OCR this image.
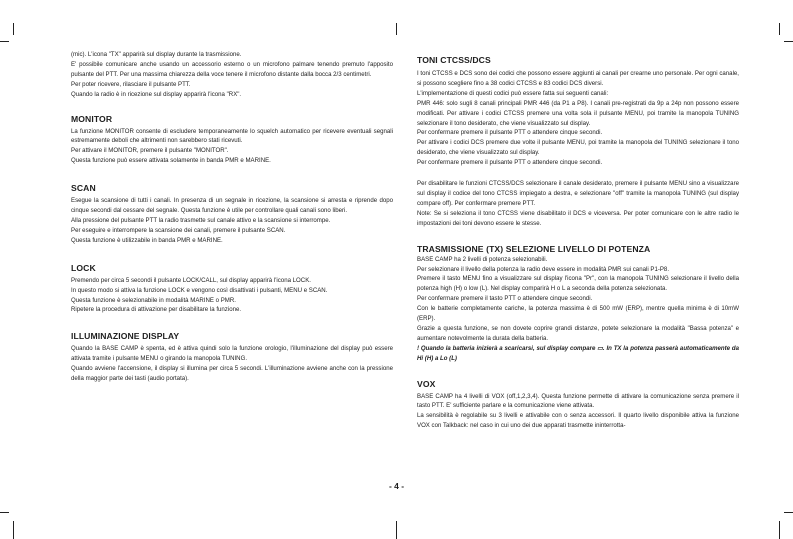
(mic). L'icona "TX" apparirà sul display durante la trasmissione.

E' possibile comunicare anche usando un accessorio esterno o un microfono palmare tenendo premuto l'apposito pulsante del PTT. Per una massima chiarezza della voce tenere il microfono distante dalla bocca 2/3 centimetri.

Per poter ricevere, rilasciare il pulsante PTT.

Quando la radio è in ricezione sul display apparirà l'icona "RX".

MONITOR

La funzione MONITOR consente di escludere temporaneamente lo squelch automatico per ricevere eventuali segnali estremamente deboli che altrimenti non sarebbero stati ricevuti.

Per attivare il MONITOR, premere il pulsante "MONITOR".

Questa funzione può essere attivata solamente in banda PMR e MARINE.

SCAN

Esegue la scansione di tutti i canali. In presenza di un segnale in ricezione, la scansione si arresta e riprende dopo cinque secondi dal cessare del segnale. Questa funzione è utile per controllare quali canali sono liberi.

Alla pressione del pulsante PTT la radio trasmette sul canale attivo e la scansione si interrompe.

Per eseguire e interrompere la scansione dei canali, premere il pulsante SCAN.

Questa funzione è utilizzabile in banda PMR e MARINE.

LOCK

Premendo per circa 5 secondi il pulsante LOCK/CALL, sul display apparirà l'icona LOCK.

In questo modo si attiva la funzione LOCK e vengono così disattivati i pulsanti, MENU e SCAN.

Questa funzione è selezionabile in modalità MARINE o PMR.

Ripetere la procedura di attivazione per disabilitare la funzione.

ILLUMINAZIONE DISPLAY

Quando la BASE CAMP è spenta, ed è attiva quindi solo la funzione orologio, l'illuminazione del display può essere attivata tramite i pulsante MENU o girando la manopola TUNING.

Quando avviene l'accensione, il display si illumina per circa 5 secondi. L'illuminazione avviene anche con la pressione della maggior parte dei tasti (audio portata).

TONI CTCSS/DCS

I toni CTCSS e DCS sono dei codici che possono essere aggiunti ai canali per crearne uno personale. Per ogni canale, si possono scegliere fino a 38 codici CTCSS e 83 codici DCS diversi.

L'implementazione di questi codici può essere fatta sui seguenti canali:

PMR 446: solo sugli 8 canali principali PMR 446 (da P1 a P8). I canali pre-registrati da 9p a 24p non possono essere modificati. Per attivare i codici CTCSS premere una volta sola il pulsante MENU, poi tramite la manopola TUNING selezionare il tono desiderato, che viene visualizzato sul display.

Per confermare premere il pulsante PTT o attendere cinque secondi.

Per attivare i codici DCS premere due volte il pulsante MENU, poi tramite la manopola del TUNING selezionare il tono desiderato, che viene visualizzato sul display.

Per confermare premere il pulsante PTT o attendere cinque secondi.

Per disabilitare le funzioni CTCSS/DCS selezionare il canale desiderato, premere il pulsante MENU sino a visualizzare sul display il codice del tono CTCSS impiegato a destra, e selezionare "off" tramite la manopola TUNING (sul display compare off). Per confermare premere PTT.

Note: Se si seleziona il tono CTCSS viene disabilitato il DCS e viceversa. Per poter comunicare con le altre radio le impostazioni dei toni devono essere le stesse.

TRASMISSIONE (TX) SELEZIONE LIVELLO DI POTENZA

BASE CAMP ha 2 livelli di potenza selezionabili.

Per selezionare il livello della potenza la radio deve essere in modalità PMR sui canali P1-P8.

Premere il tasto MENU fino a visualizzare sul display l'icona "Pr", con la manopola TUNING selezionare il livello della potenza high (H) o low (L). Nel display comparirà H o L a seconda della potenza selezionata.

Per confermare premere il tasto PTT o attendere cinque secondi.

Con le batterie completamente cariche, la potenza massima è di 500 mW (ERP), mentre quella minima è di 10mW (ERP).

Grazie a questa funzione, se non dovete coprire grandi distanze, potete selezionare la modalità "Bassa potenza" e aumentare notevolmente la durata della batteria.

! Quando la batteria inizierà a scaricarsi, sul display compare ▭. In TX la potenza passerà automaticamente da Hi (H) a Lo (L)

VOX

BASE CAMP ha 4 livelli di VOX (off,1,2,3,4). Questa funzione permette di attivare la comunicazione senza premere il tasto PTT. E' sufficiente parlare e la comunicazione viene attivata.

La sensibilità è regolabile su 3 livelli e attivabile con o senza accessori. Il quarto livello disponibile attiva la funzione VOX con Talkback: nel caso in cui uno dei due apparati trasmette ininterrotta-

- 4 -
